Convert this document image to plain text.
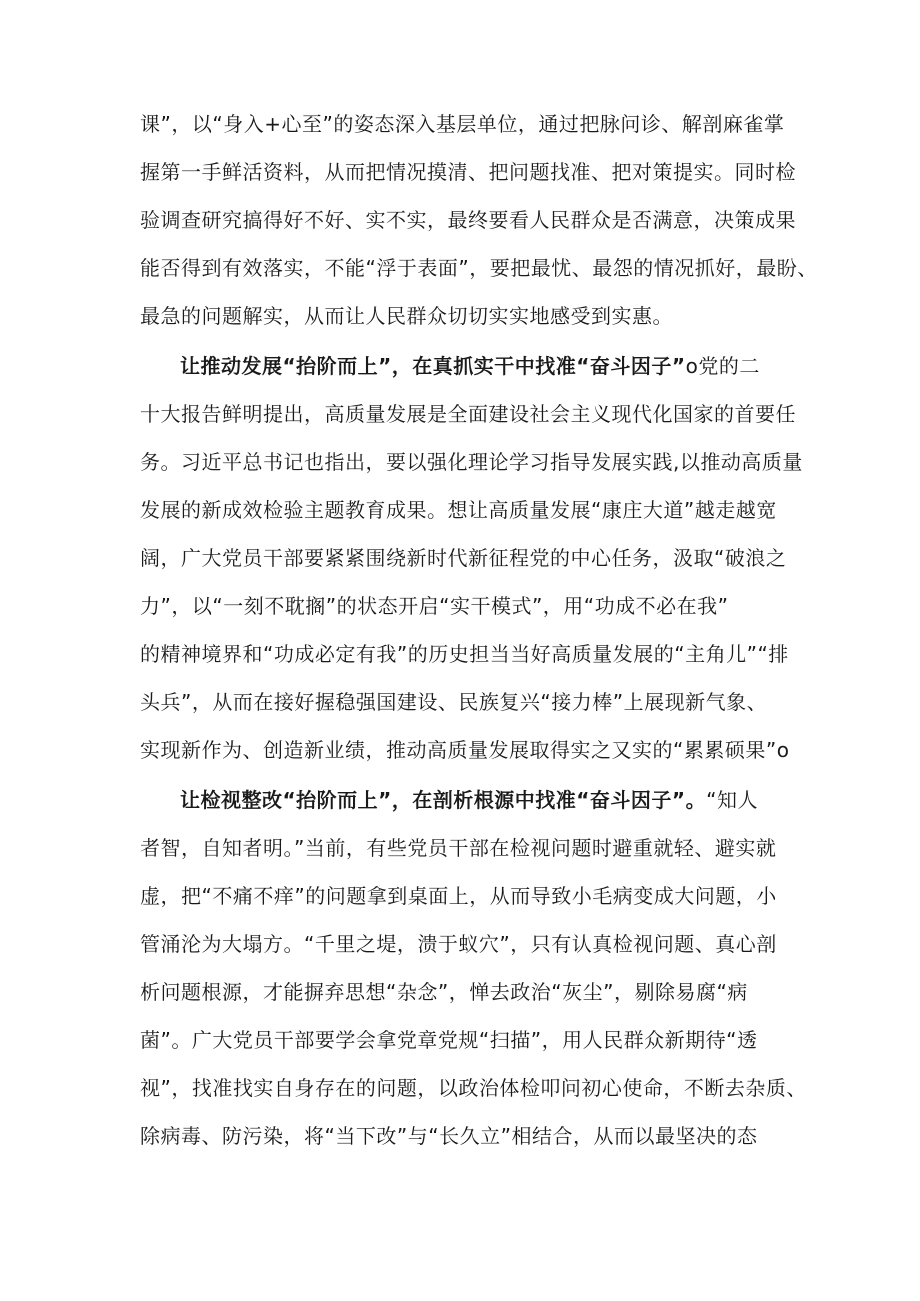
课”，以“身入+心至”的姿态深入基层单位，通过把脉问诊、解剖麻雀掌
握第一手鲜活资料，从而把情况摸清、把问题找准、把对策提实。同时检
验调查研究搞得好不好、实不实，最终要看人民群众是否满意，决策成果
能否得到有效落实，不能“浮于表面”，要把最忧、最怨的情况抓好，最盼、
最急的问题解实，从而让人民群众切切实实地感受到实惠。
让推动发展“抬阶而上”，在真抓实干中找准“奋斗因子”o党的二
十大报告鲜明提出，高质量发展是全面建设社会主义现代化国家的首要任
务。习近平总书记也指出，要以强化理论学习指导发展实践,以推动高质量
发展的新成效检验主题教育成果。想让高质量发展“康庄大道”越走越宽
阔，广大党员干部要紧紧围绕新时代新征程党的中心任务，汲取“破浪之
力”，以“一刻不耽搁”的状态开启“实干模式”，用“功成不必在我”
的精神境界和“功成必定有我”的历史担当当好高质量发展的“主角儿”“排
头兵”，从而在接好握稳强国建设、民族复兴“接力棒”上展现新气象、
实现新作为、创造新业绩，推动高质量发展取得实之又实的“累累硕果”o
让检视整改“抬阶而上”，在剖析根源中找准“奋斗因子”。“知人
者智，自知者明。”当前，有些党员干部在检视问题时避重就轻、避实就
虚，把“不痛不痒”的问题拿到桌面上，从而导致小毛病变成大问题，小
管涌沦为大塌方。“千里之堤，溃于蚁穴”，只有认真检视问题、真心剖
析问题根源，才能摒弃思想“杂念”，惮去政治“灰尘”，剔除易腐“病
菌”。广大党员干部要学会拿党章党规“扫描”，用人民群众新期待“透
视”，找准找实自身存在的问题，以政治体检叩问初心使命，不断去杂质、
除病毒、防污染，将“当下改”与“长久立”相结合，从而以最坚决的态
